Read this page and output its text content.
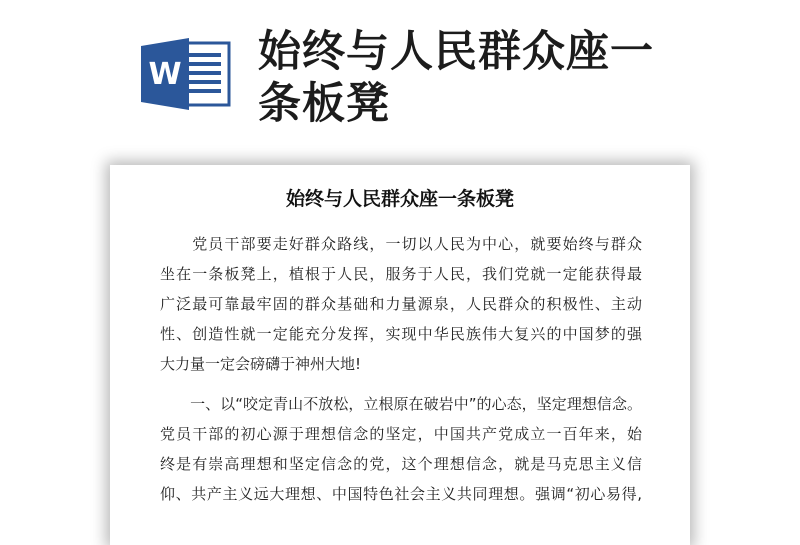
W 始终与人民群众座一
条板凳
始终与人民群众座一条板凳
　　党员干部要走好群众路线，一切以人民为中心，就要始终与群众
坐在一条板凳上，植根于人民，服务于人民，我们党就一定能获得最
广泛最可靠最牢固的群众基础和力量源泉，人民群众的积极性、主动
性、创造性就一定能充分发挥，实现中华民族伟大复兴的中国梦的强
大力量一定会磅礴于神州大地!
　　一、以“咬定青山不放松，立根原在破岩中”的心态，坚定理想信念。
党员干部的初心源于理想信念的坚定，中国共产党成立一百年来，始
终是有崇高理想和坚定信念的党，这个理想信念，就是马克思主义信
仰、共产主义远大理想、中国特色社会主义共同理想。强调“初心易得,
